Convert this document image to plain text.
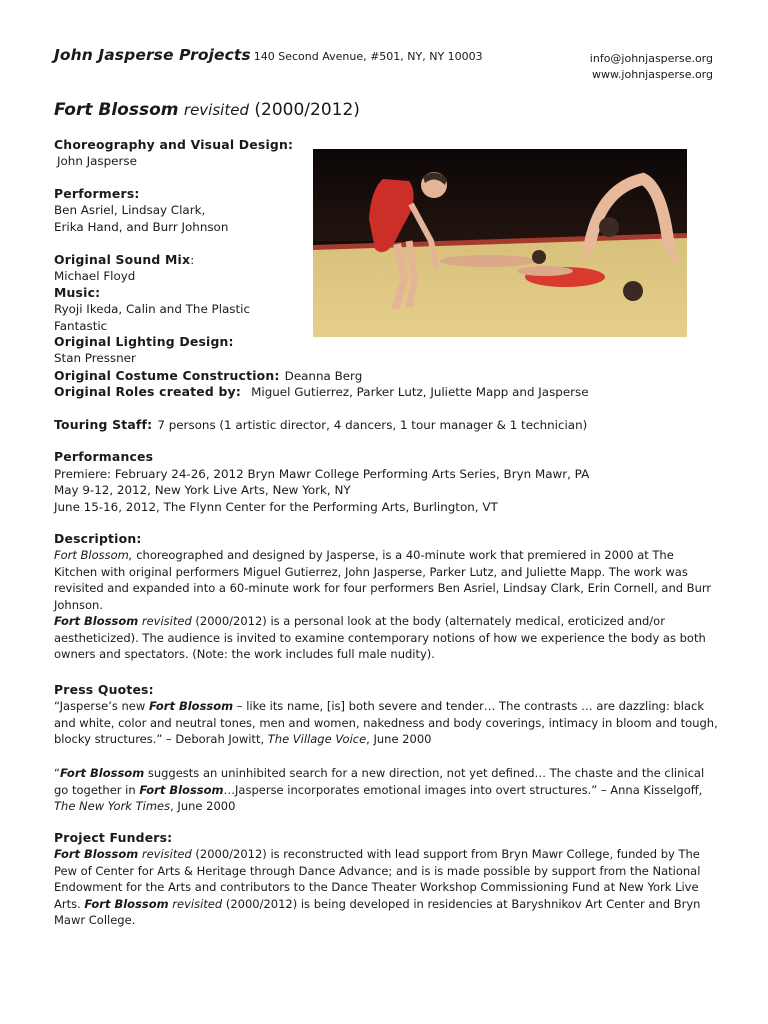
John Jasperse Projects 140 Second Avenue, #501, NY, NY 10003	info@johnjasperse.org
www.johnjasperse.org
Fort Blossom revisited (2000/2012)
Choreography and Visual Design:
John Jasperse
Performers:
Ben Asriel, Lindsay Clark,
Erika Hand, and Burr Johnson
Original Sound Mix:
Michael Floyd
Music:
Ryoji Ikeda, Calin and The Plastic
Fantastic
Original Lighting Design:
Stan Pressner
Original Costume Construction: Deanna Berg
Original Roles created by: Miguel Gutierrez, Parker Lutz, Juliette Mapp and Jasperse
Touring Staff: 7 persons (1 artistic director, 4 dancers, 1 tour manager & 1 technician)
Performances
Premiere: February 24-26, 2012 Bryn Mawr College Performing Arts Series, Bryn Mawr, PA
May 9-12, 2012, New York Live Arts, New York, NY
June 15-16, 2012, The Flynn Center for the Performing Arts, Burlington, VT
Description:

Fort Blossom, choreographed and designed by Jasperse, is a 40-minute work that premiered in 2000 at The Kitchen with original performers Miguel Gutierrez, John Jasperse, Parker Lutz, and Juliette Mapp. The work was revisited and expanded into a 60-minute work for four performers Ben Asriel, Lindsay Clark, Erin Cornell, and Burr Johnson.

Fort Blossom revisited (2000/2012) is a personal look at the body (alternately medical, eroticized and/or aestheticized). The audience is invited to examine contemporary notions of how we experience the body as both owners and spectators. (Note: the work includes full male nudity).

Press Quotes:

“Jasperse’s new Fort Blossom – like its name, [is] both severe and tender… The contrasts … are dazzling: black and white, color and neutral tones, men and women, nakedness and body coverings, intimacy in bloom and tough, blocky structures.” – Deborah Jowitt, The Village Voice, June 2000

“Fort Blossom suggests an uninhibited search for a new direction, not yet defined… The chaste and the clinical go together in Fort Blossom…Jasperse incorporates emotional images into overt structures.” – Anna Kisselgoff, The New York Times, June 2000

Project Funders:

Fort Blossom revisited (2000/2012) is reconstructed with lead support from Bryn Mawr College, funded by The Pew of Center for Arts & Heritage through Dance Advance; and is is made possible by support from the National Endowment for the Arts and contributors to the Dance Theater Workshop Commissioning Fund at New York Live Arts. Fort Blossom revisited (2000/2012) is being developed in residencies at Baryshnikov Art Center and Bryn Mawr College.
